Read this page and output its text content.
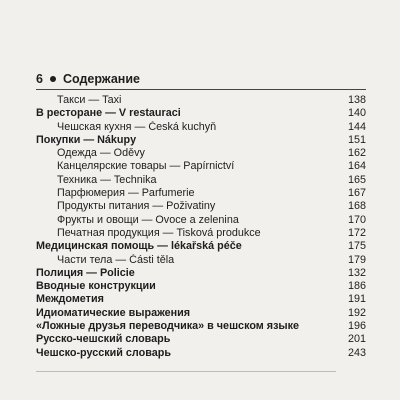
6 Содержание
Такси — Taxi	138
В ресторане — V restauraci	140
Чешская кухня — Česká kuchyň	144
Покупки — Nákupy	151
Одежда — Oděvy	162
Канцелярские товары — Papírnictví	164
Техника — Technika	165
Парфюмерия — Parfumerie	167
Продукты питания — Poživatiny	168
Фрукты и овощи — Ovoce a zelenina	170
Печатная продукция — Tisková produkce	172
Медицинская помощь — lékařská péče	175
Части тела — Části těla	179
Полиция — Policie	132
Вводные конструкции	186
Междометия	191
Идиоматические выражения	192
«Ложные друзья переводчика» в чешском языке	196
Русско-чешский словарь	201
Чешско-русский словарь	243
